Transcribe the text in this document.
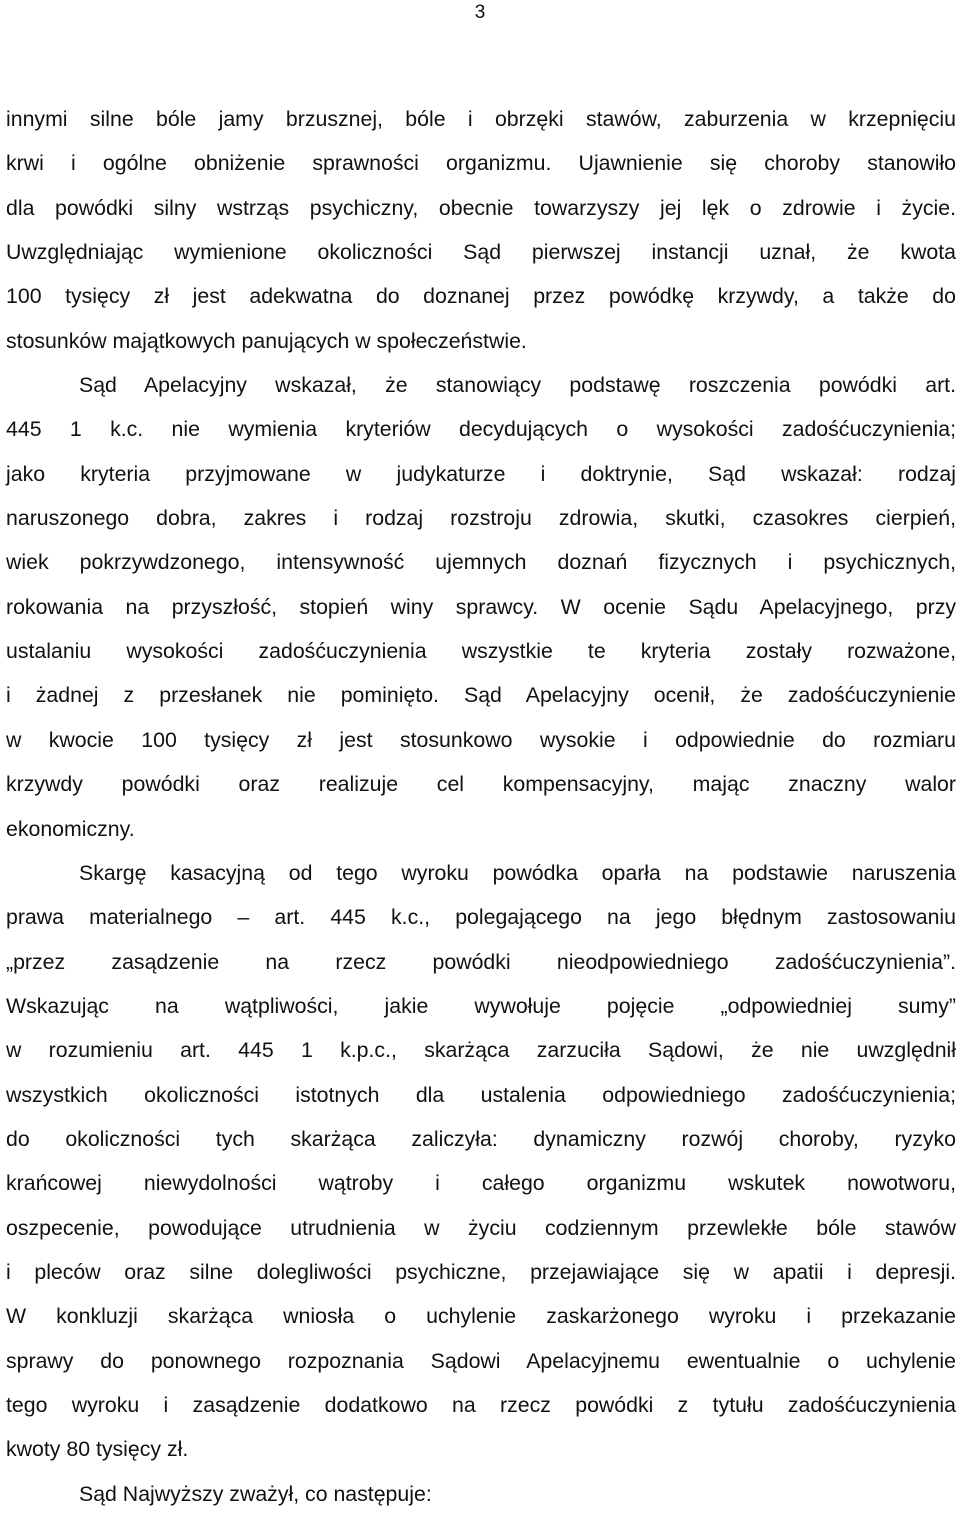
3
innymi silne bóle jamy brzusznej, bóle i obrzęki stawów, zaburzenia w krzepnięciu
krwi i ogólne obniżenie sprawności organizmu. Ujawnienie się choroby stanowiło
dla powódki silny wstrząs psychiczny, obecnie towarzyszy jej lęk o zdrowie i życie.
Uwzględniając wymienione okoliczności Sąd pierwszej instancji uznał, że kwota
100 tysięcy zł jest adekwatna do doznanej przez powódkę krzywdy, a także do
stosunków majątkowych panujących w społeczeństwie.
Sąd Apelacyjny wskazał, że stanowiący podstawę roszczenia powódki art.
445 1 k.c. nie wymienia kryteriów decydujących o wysokości zadośćuczynienia;
jako kryteria przyjmowane w judykaturze i doktrynie, Sąd wskazał: rodzaj
naruszonego dobra, zakres i rodzaj rozstroju zdrowia, skutki, czasokres cierpień,
wiek pokrzywdzonego, intensywność ujemnych doznań fizycznych i psychicznych,
rokowania na przyszłość, stopień winy sprawcy. W ocenie Sądu Apelacyjnego, przy
ustalaniu wysokości zadośćuczynienia wszystkie te kryteria zostały rozważone,
i żadnej z przesłanek nie pominięto. Sąd Apelacyjny ocenił, że zadośćuczynienie
w kwocie 100 tysięcy zł jest stosunkowo wysokie i odpowiednie do rozmiaru
krzywdy powódki oraz realizuje cel kompensacyjny, mając znaczny walor
ekonomiczny.
Skargę kasacyjną od tego wyroku powódka oparła na podstawie naruszenia
prawa materialnego – art. 445 k.c., polegającego na jego błędnym zastosowaniu
„przez zasądzenie na rzecz powódki nieodpowiedniego zadośćuczynienia”.
Wskazując na wątpliwości, jakie wywołuje pojęcie „odpowiedniej sumy”
w rozumieniu art. 445 1 k.p.c., skarżąca zarzuciła Sądowi, że nie uwzględnił
wszystkich okoliczności istotnych dla ustalenia odpowiedniego zadośćuczynienia;
do okoliczności tych skarżąca zaliczyła: dynamiczny rozwój choroby, ryzyko
krańcowej niewydolności wątroby i całego organizmu wskutek nowotworu,
oszpecenie, powodujące utrudnienia w życiu codziennym przewlekłe bóle stawów
i pleców oraz silne dolegliwości psychiczne, przejawiające się w apatii i depresji.
W konkluzji skarżąca wniosła o uchylenie zaskarżonego wyroku i przekazanie
sprawy do ponownego rozpoznania Sądowi Apelacyjnemu ewentualnie o uchylenie
tego wyroku i zasądzenie dodatkowo na rzecz powódki z tytułu zadośćuczynienia
kwoty 80 tysięcy zł.
Sąd Najwyższy zważył, co następuje:
